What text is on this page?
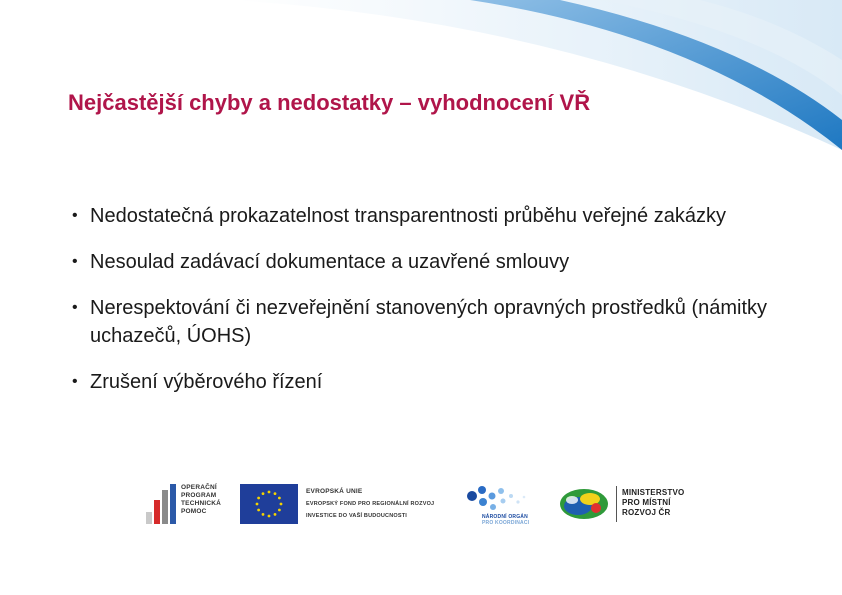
Nejčastější chyby a nedostatky – vyhodnocení VŘ
• Nedostatečná prokazatelnost transparentnosti průběhu veřejné zakázky
• Nesoulad zadávací dokumentace a uzavřené smlouvy
• Nerespektování či nezveřejnění stanovených opravných prostředků (námitky uchazečů, ÚOHS)
• Zrušení výběrového řízení
OPERAČNÍ
PROGRAM
TECHNICKÁ
POMOC
EVROPSKÁ UNIE
EVROPSKÝ FOND PRO REGIONÁLNÍ ROZVOJ
INVESTICE DO VAŠÍ BUDOUCNOSTI	NÁRODNÍ ORGÁN
PRO KOORDINACI
MINISTERSTVO
PRO MÍSTNÍ
ROZVOJ ČR
